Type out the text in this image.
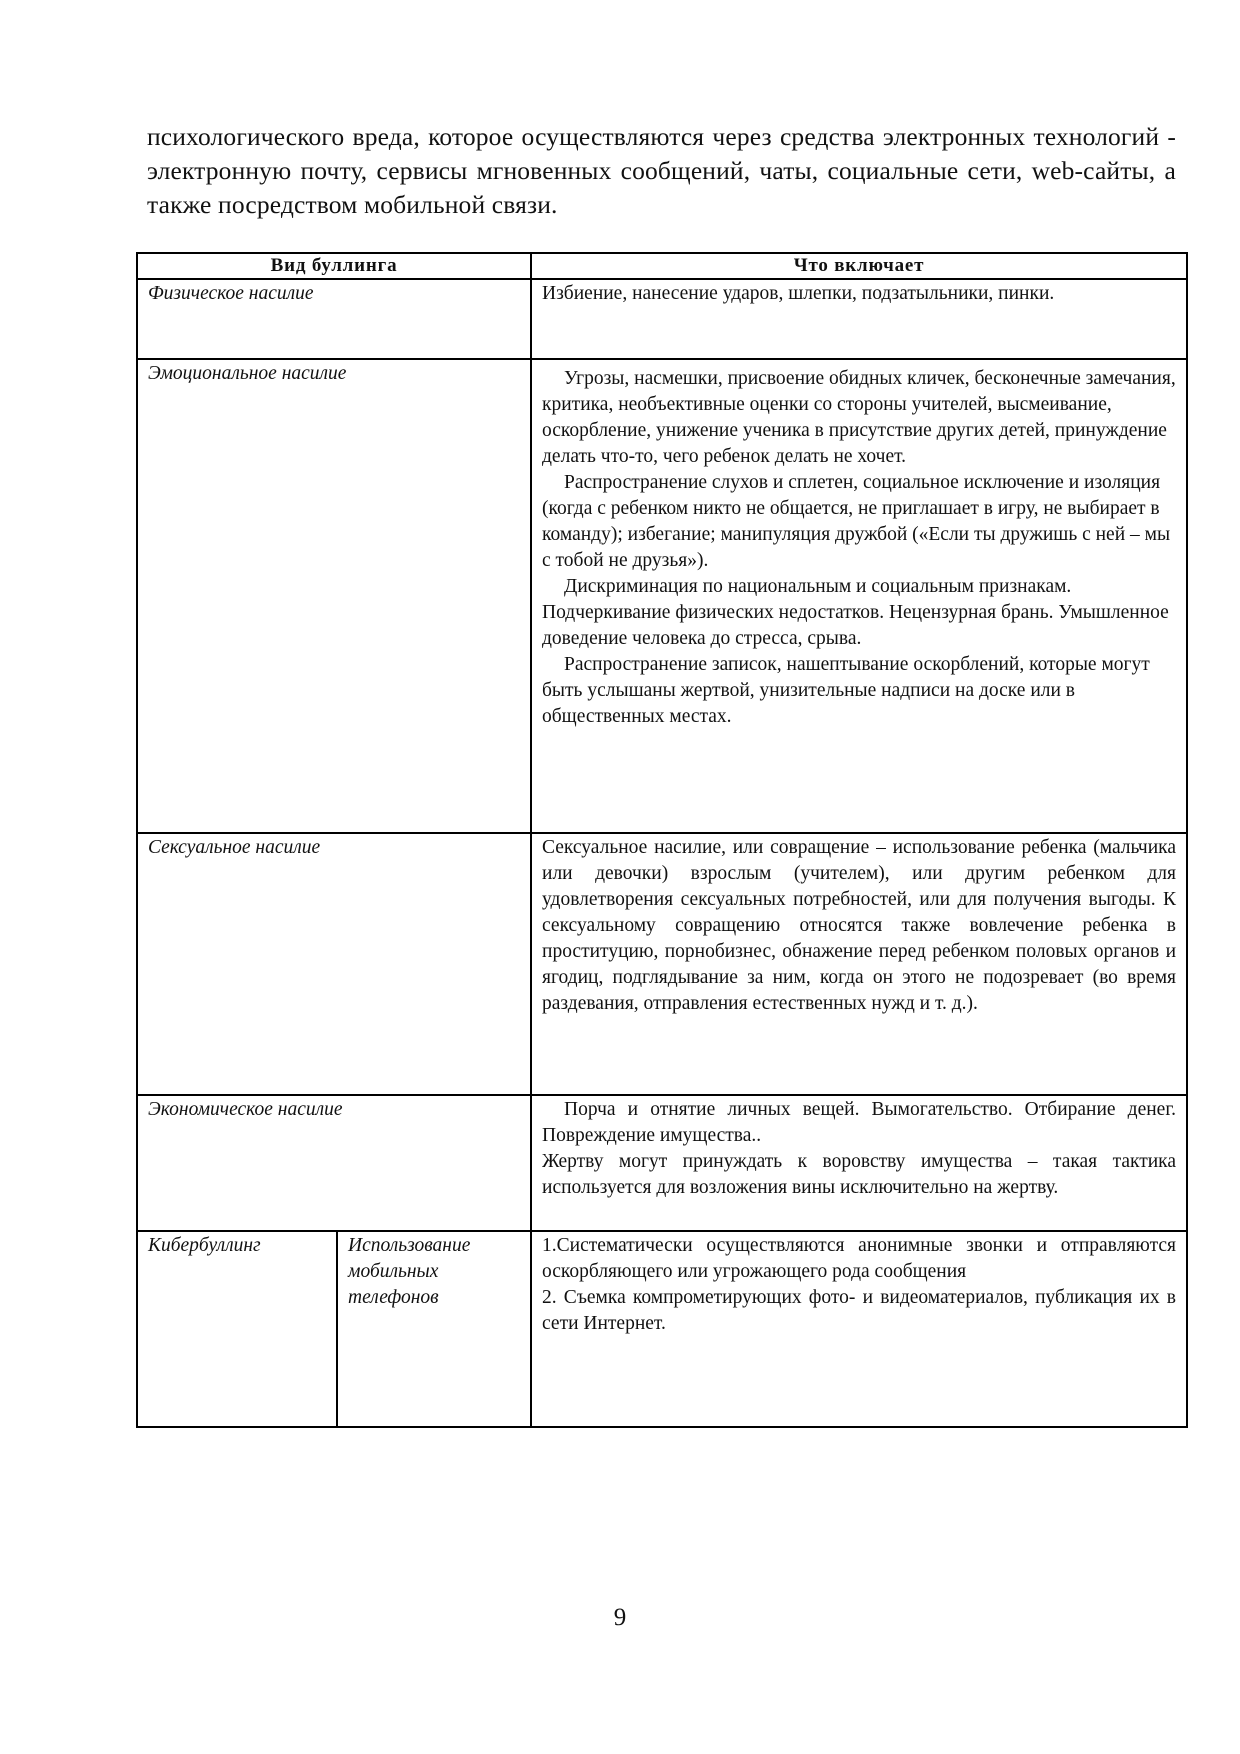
психологического вреда, которое осуществляются через средства электронных технологий - электронную почту, сервисы мгновенных сообщений, чаты, социальные сети, web-сайты, а также посредством мобильной связи.

Вид буллинга		Что включает
Физическое насилие		Избиение, нанесение ударов, шлепки, подзатыльники, пинки.

Эмоциональное насилие		Угрозы, насмешки, присвоение обидных кличек, бесконечные замечания, критика, необъективные оценки со стороны учителей, высмеивание, оскорбление, унижение ученика в присутствие других детей, принуждение делать что-то, чего ребенок делать не хочет.

Распространение слухов и сплетен, социальное исключение и изоляция (когда с ребенком никто не общается, не приглашает в игру, не выбирает в команду); избегание; манипуляция дружбой («Если ты дружишь с ней – мы с тобой не друзья»).

Дискриминация по национальным и социальным признакам. Подчеркивание физических недостатков. Нецензурная брань. Умышленное доведение человека до стресса, срыва.

Распространение записок, нашептывание оскорблений, которые могут быть услышаны жертвой, унизительные надписи на доске или в общественных местах.

Сексуальное насилие		Сексуальное насилие, или совращение – использование ребенка (мальчика или девочки) взрослым (учителем), или другим ребенком для удовлетворения сексуальных потребностей, или для получения выгоды. К сексуальному совращению относятся также вовлечение ребенка в проституцию, порнобизнес, обнажение перед ребенком половых органов и ягодиц, подглядывание за ним, когда он этого не подозревает (во время раздевания, отправления естественных нужд и т. д.).

Экономическое насилие		Порча и отнятие личных вещей. Вымогательство. Отбирание денег. Повреждение имущества..

Жертву могут принуждать к воровству имущества – такая тактика используется для возложения вины исключительно на жертву.

Кибербуллинг	Использование мобильных телефонов	1.Систематически осуществляются анонимные звонки и отправляются оскорбляющего или угрожающего рода сообщения

2. Съемка компрометирующих фото- и видеоматериалов, публикация их в сети Интернет.

9
